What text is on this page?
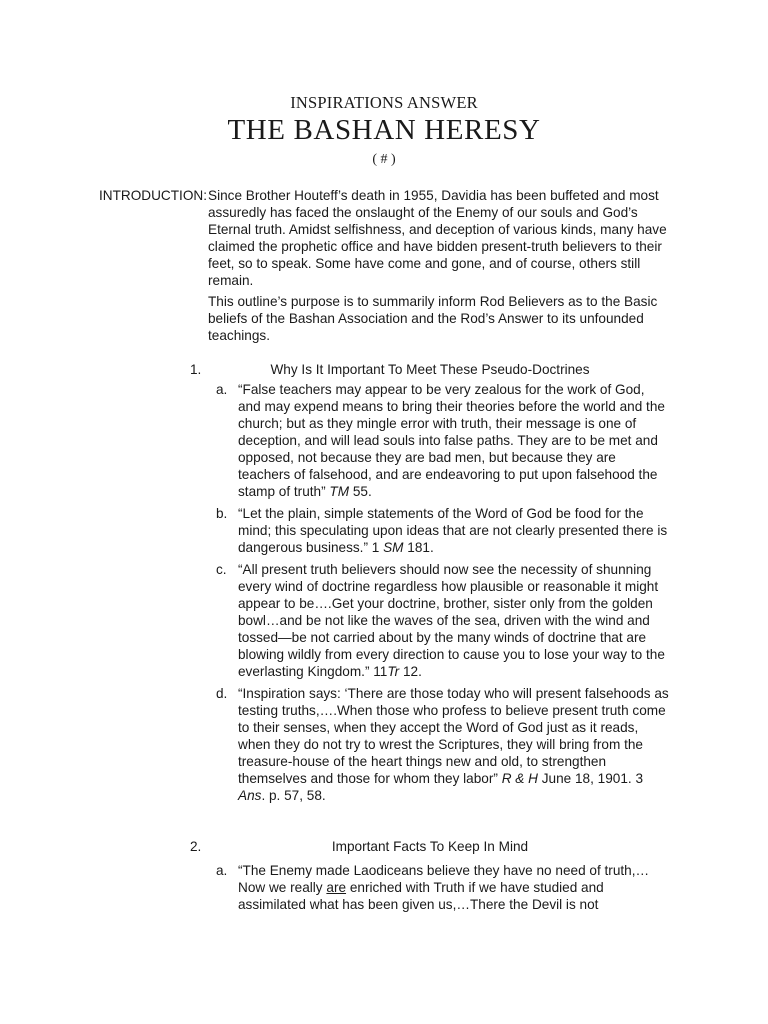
INSPIRATIONS ANSWER
THE BASHAN HERESY
( # )
INTRODUCTION: Since Brother Houteff’s death in 1955, Davidia has been buffeted and most assuredly has faced the onslaught of the Enemy of our souls and God’s Eternal truth. Amidst selfishness, and deception of various kinds, many have claimed the prophetic office and have bidden present-truth believers to their feet, so to speak. Some have come and gone, and of course, others still remain.

This outline’s purpose is to summarily inform Rod Believers as to the Basic beliefs of the Bashan Association and the Rod’s Answer to its unfounded teachings.

1.	Why Is It Important To Meet These Pseudo-Doctrines
a. “False teachers may appear to be very zealous for the work of God, and may expend means to bring their theories before the world and the church; but as they mingle error with truth, their message is one of deception, and will lead souls into false paths. They are to be met and opposed, not because they are bad men, but because they are teachers of falsehood, and are endeavoring to put upon falsehood the stamp of truth” TM 55.

b. “Let the plain, simple statements of the Word of God be food for the mind; this speculating upon ideas that are not clearly presented there is dangerous business.” 1 SM 181.

c. “All present truth believers should now see the necessity of shunning every wind of doctrine regardless how plausible or reasonable it might appear to be….Get your doctrine, brother, sister only from the golden bowl…and be not like the waves of the sea, driven with the wind and tossed—be not carried about by the many winds of doctrine that are blowing wildly from every direction to cause you to lose your way to the everlasting Kingdom.” 11Tr 12.

d. “Inspiration says: ‘There are those today who will present falsehoods as testing truths,….When those who profess to believe present truth come to their senses, when they accept the Word of God just as it reads, when they do not try to wrest the Scriptures, they will bring from the treasure-house of the heart things new and old, to strengthen themselves and those for whom they labor” R & H June 18, 1901. 3 Ans. p. 57, 58.

2.	Important Facts To Keep In Mind
a. “The Enemy made Laodiceans believe they have no need of truth,…Now we really are enriched with Truth if we have studied and assimilated what has been given us,…There the Devil is not
